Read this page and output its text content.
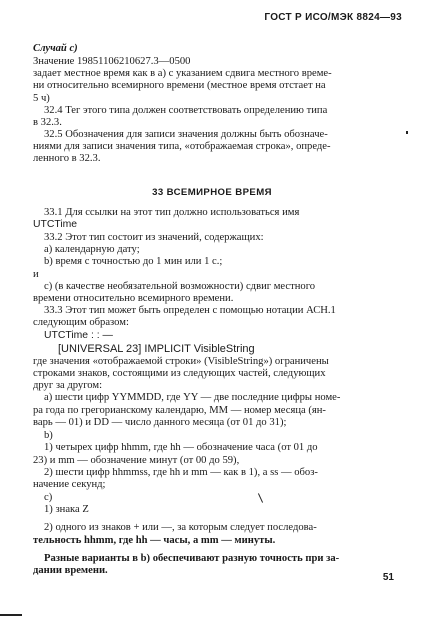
ГОСТ Р ИСО/МЭК 8824—93
Случай с)
Значение 19851106210627.3—0500
задает местное время как в а) с указанием сдвига местного време-
ни относительно всемирного времени (местное время отстает на
5 ч)
32.4 Тег этого типа должен соответствовать определению типа
в 32.3.
32.5 Обозначения для записи значения должны быть обозначе-
ниями для записи значения типа, «отображаемая строка», опреде-
ленного в 32.3.
33 ВСЕМИРНОЕ ВРЕМЯ
33.1 Для ссылки на этот тип должно использоваться имя
UTCTime
33.2 Этот тип состоит из значений, содержащих:
а) календарную дату;
b) время с точностью до 1 мин или 1 с.;
и
с) (в качестве необязательной возможности) сдвиг местного
времени относительно всемирного времени.
33.3 Этот тип может быть определен с помощью нотации АСН.1
следующим образом:
UTCTime : : —
[UNIVERSAL 23] IMPLICIT VisibleString
где значения «отображаемой строки» (VisibleString») ограничены
строками знаков, состоящими из следующих частей, следующих
друг за другом:
а) шести цифр YYMMDD, где YY — две последние цифры номе-
ра года по грегорианскому календарю, ММ — номер месяца (ян-
варь — 01) и DD — число данного месяца (от 01 до 31);
b)
1) четырех цифр hhmm, где hh — обозначение часа (от 01 до
23) и mm — обозначение минут (от 00 до 59),
2) шести цифр hhmmss, где hh и mm — как в 1), a ss — обоз-
начение секунд;
с)
1) знака Z
2) одного из знаков + или —, за которым следует последова-
тельность hhmm, где hh — часы, a mm — минуты.
Разные варианты в b) обеспечивают разную точность при за-
дании времени.
51
